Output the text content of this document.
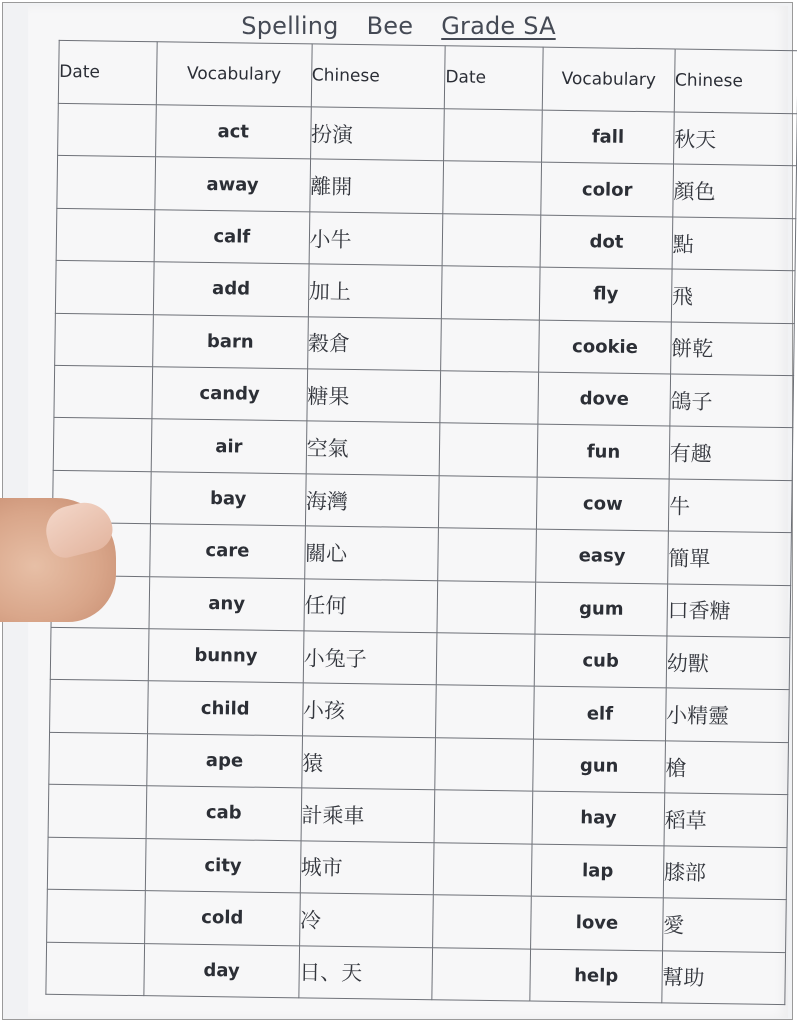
Spelling Bee Grade SA
Date	Vocabulary	Chinese	Date	Vocabulary	Chinese
	act	扮演		fall	秋天
	away	離開		color	顏色
	calf	小牛		dot	點
	add	加上		fly	飛
	barn	穀倉		cookie	餅乾
	candy	糖果		dove	鴿子
	air	空氣		fun	有趣
	bay	海灣		cow	牛
	care	關心		easy	簡單
	any	任何		gum	口香糖
	bunny	小兔子		cub	幼獸
	child	小孩		elf	小精靈
	ape	猿		gun	槍
	cab	計乘車		hay	稻草
	city	城市		lap	膝部
	cold	冷		love	愛
	day	日、天		help	幫助
